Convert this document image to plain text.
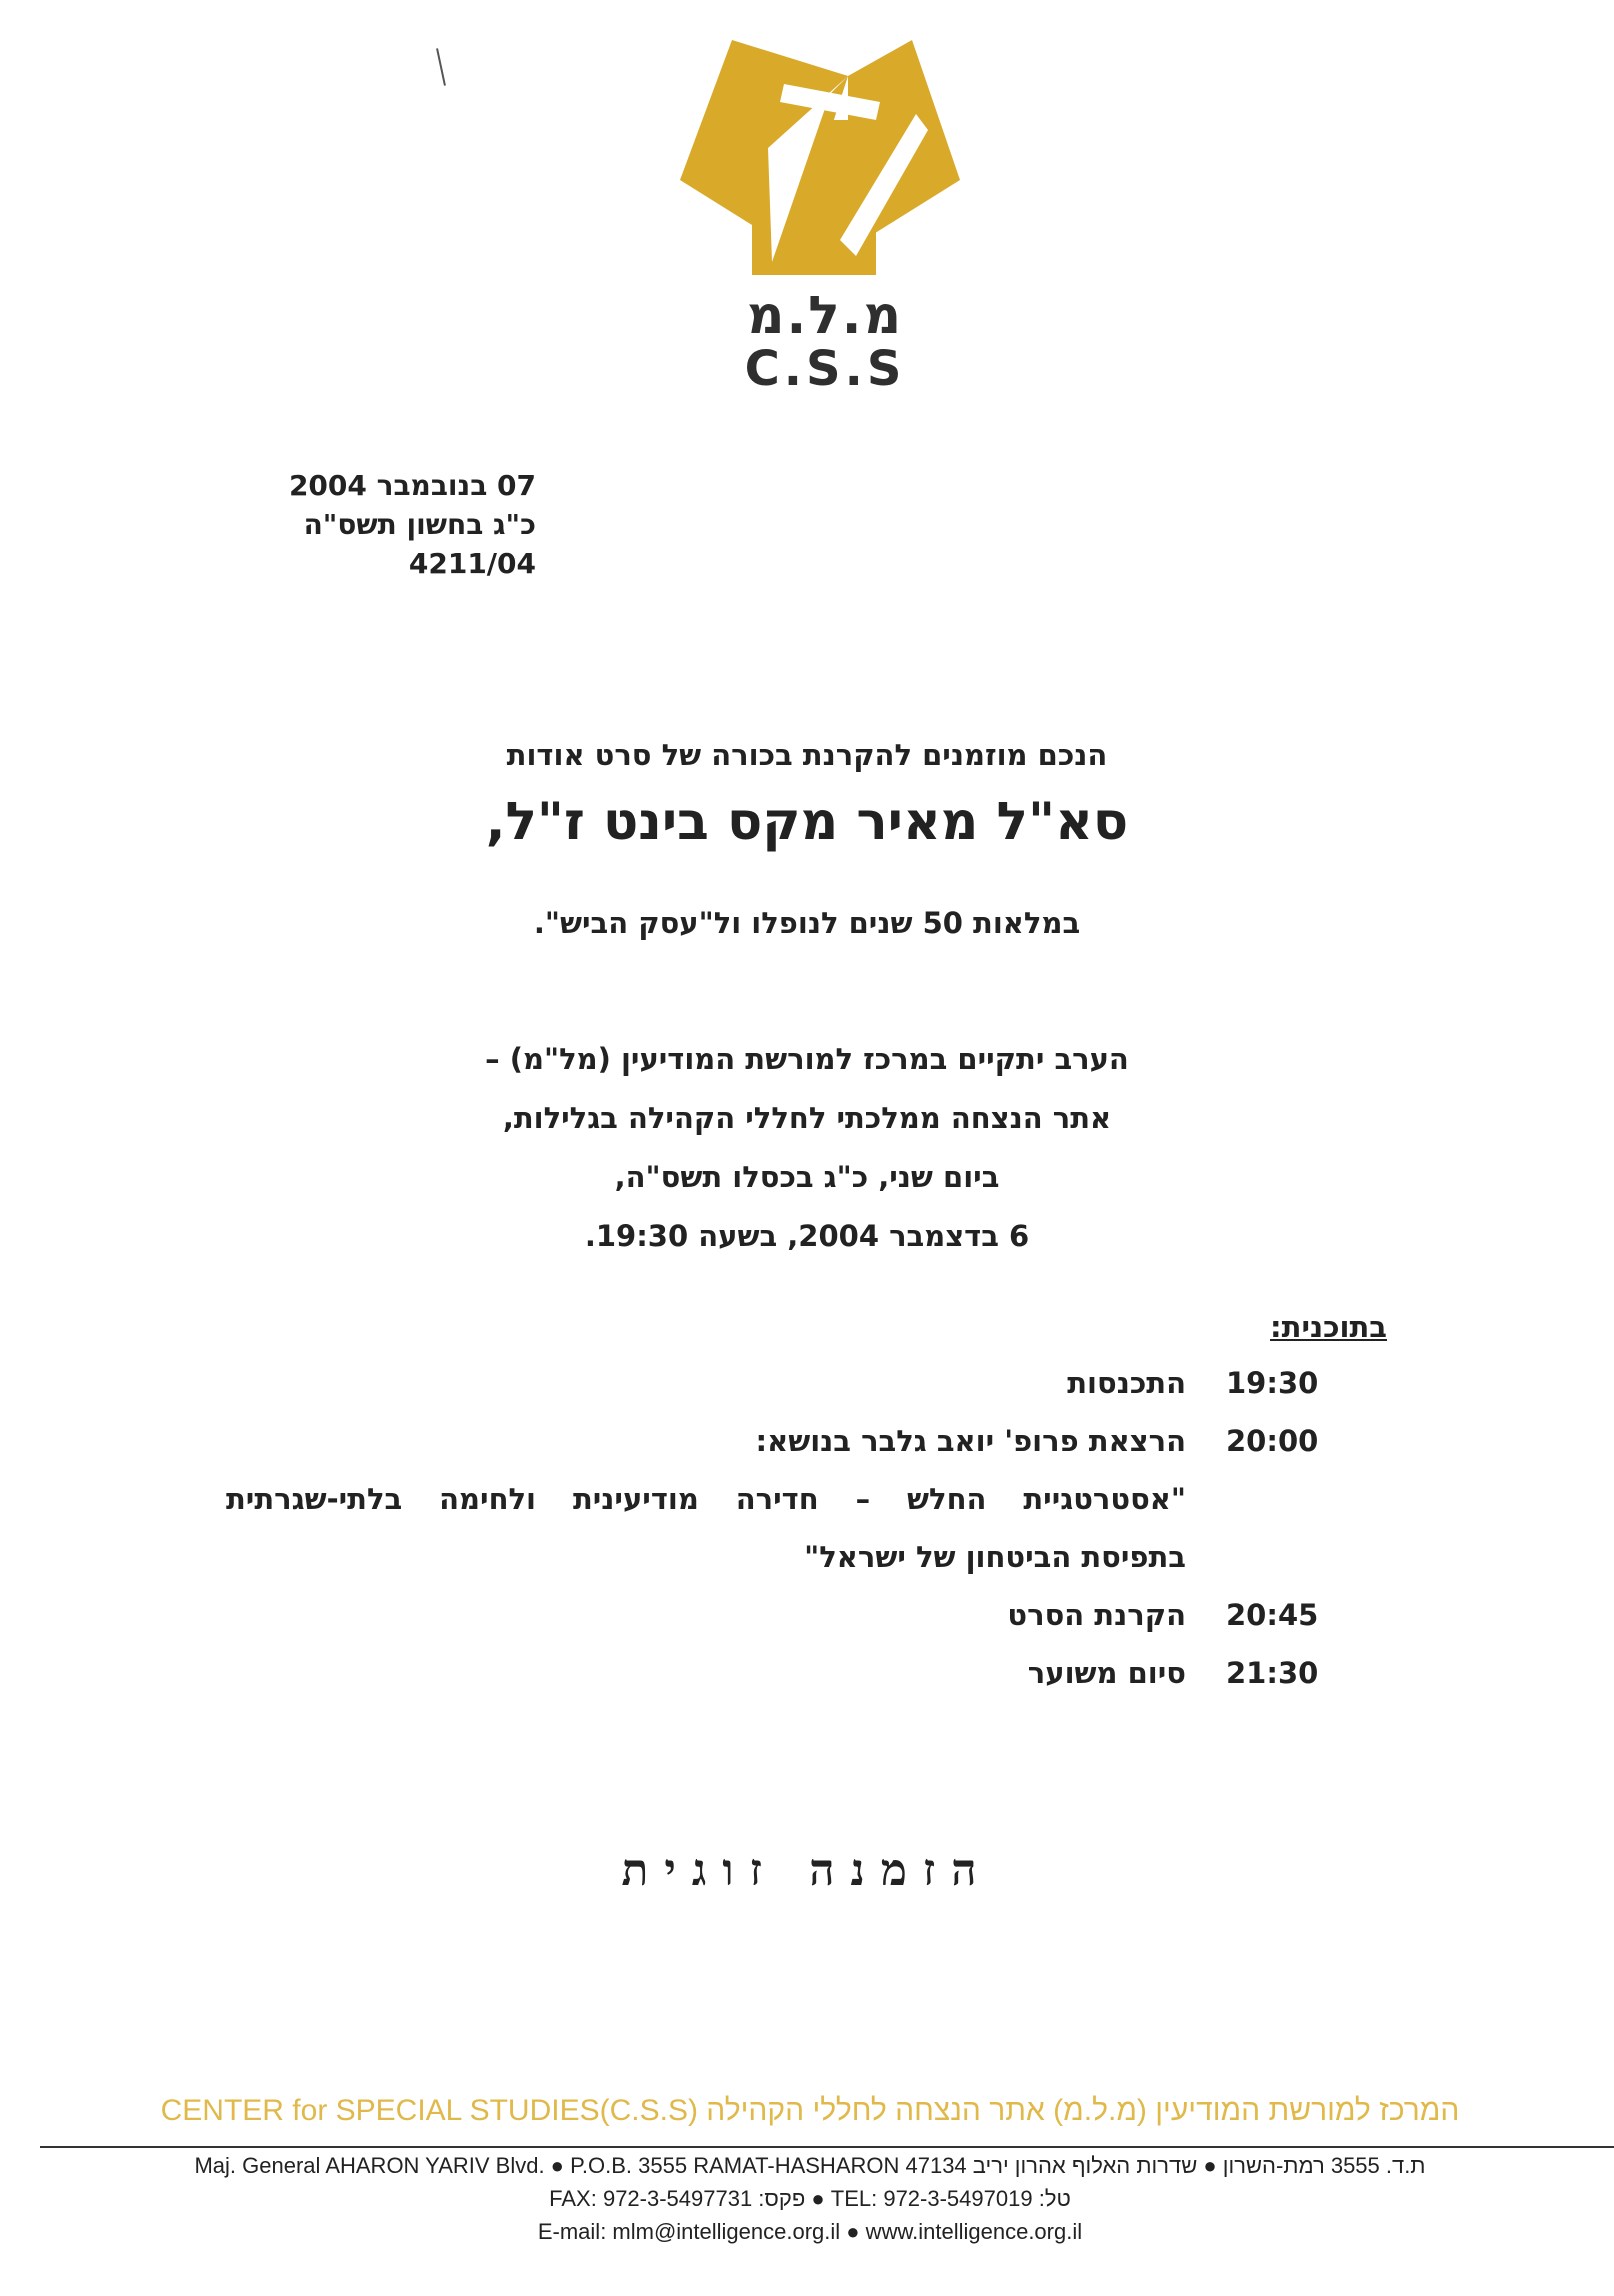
מ.ל.מ
C.S.S
07 בנובמבר 2004
כ"ג בחשון תשס"ה
4211/04
הנכם מוזמנים להקרנת בכורה של סרט אודות
סא"ל מאיר מקס בינט ז"ל,
במלאות 50 שנים לנופלו ול"עסק הביש".
הערב יתקיים במרכז למורשת המודיעין (מל"מ) –
אתר הנצחה ממלכתי לחללי הקהילה בגלילות,
ביום שני, כ"ג בכסלו תשס"ה,
6 בדצמבר 2004, בשעה 19:30.
בתוכנית:
19:30
התכנסות
20:00
הרצאת פרופ' יואב גלבר בנושא:
"אסטרטגיית החלש – חדירה מודיעינית ולחימה בלתי-שגרתית
בתפיסת הביטחון של ישראל"
20:45
הקרנת הסרט
21:30
סיום משוער
הזמנה זוגית
CENTER for SPECIAL STUDIES(C.S.S) המרכז למורשת המודיעין (מ.ל.מ) אתר הנצחה לחללי הקהילה
Maj. General AHARON YARIV Blvd. ● P.O.B. 3555 RAMAT-HASHARON 47134 ת.ד. 3555 רמת-השרון ● שדרות האלוף אהרון יריב
FAX: 972-3-5497731 :פקס ● TEL: 972-3-5497019 :טל
E-mail: mlm@intelligence.org.il ● www.intelligence.org.il
